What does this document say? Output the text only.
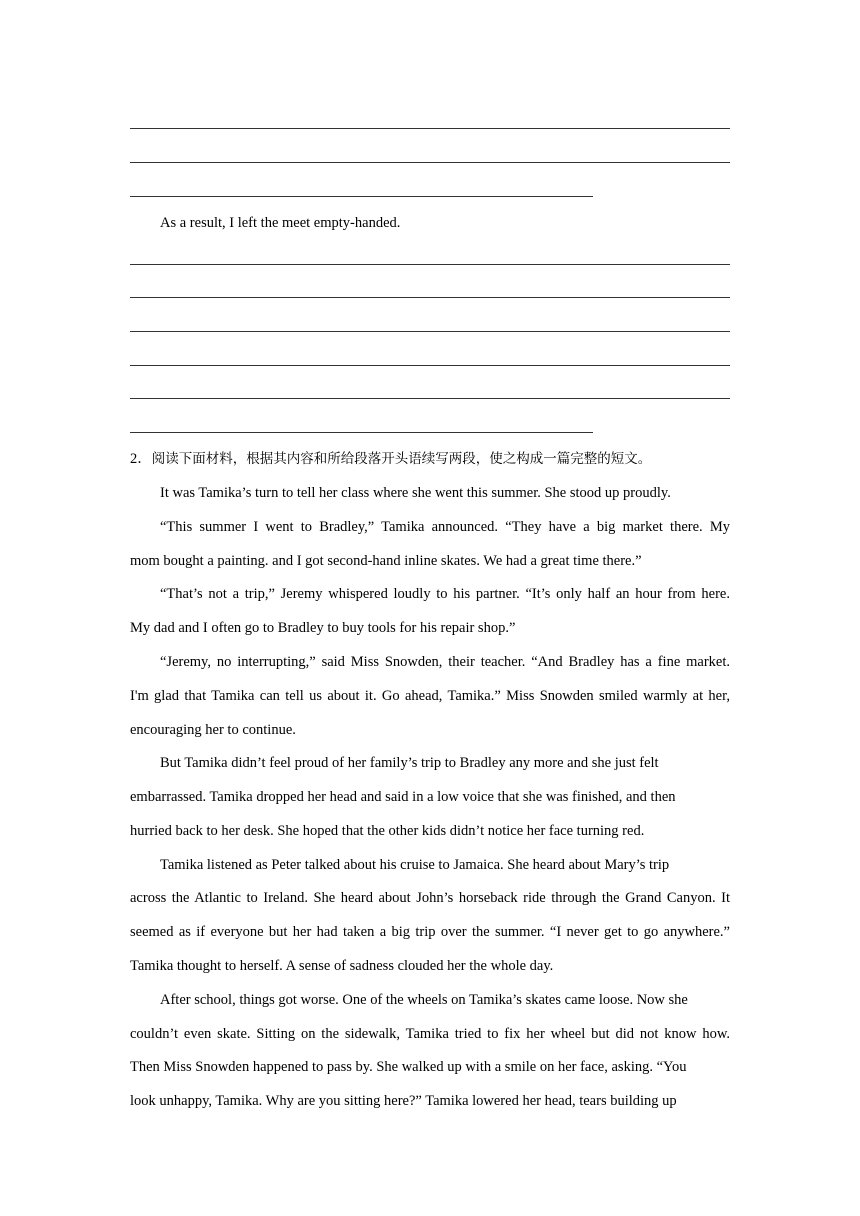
As a result, I left the meet empty-handed.
2．阅读下面材料，根据其内容和所给段落开头语续写两段，使之构成一篇完整的短文。
It was Tamika’s turn to tell her class where she went this summer. She stood up proudly.
“This summer I went to Bradley,” Tamika announced. “They have a big market there. My
mom bought a painting. and I got second-hand inline skates. We had a great time there.”
“That’s not a trip,” Jeremy whispered loudly to his partner. “It’s only half an hour from here.
My dad and I often go to Bradley to buy tools for his repair shop.”
“Jeremy, no interrupting,” said Miss Snowden, their teacher. “And Bradley has a fine market.
I'm glad that Tamika can tell us about it. Go ahead, Tamika.” Miss Snowden smiled warmly at her,
encouraging her to continue.
But Tamika didn’t feel proud of her family’s trip to Bradley any more and she just felt
embarrassed. Tamika dropped her head and said in a low voice that she was finished, and then
hurried back to her desk. She hoped that the other kids didn’t notice her face turning red.
Tamika listened as Peter talked about his cruise to Jamaica. She heard about Mary’s trip
across the Atlantic to Ireland. She heard about John’s horseback ride through the Grand Canyon. It
seemed as if everyone but her had taken a big trip over the summer. “I never get to go anywhere.”
Tamika thought to herself. A sense of sadness clouded her the whole day.
After school, things got worse. One of the wheels on Tamika’s skates came loose. Now she
couldn’t even skate. Sitting on the sidewalk, Tamika tried to fix her wheel but did not know how.
Then Miss Snowden happened to pass by. She walked up with a smile on her face, asking. “You
look unhappy, Tamika. Why are you sitting here?” Tamika lowered her head, tears building up
